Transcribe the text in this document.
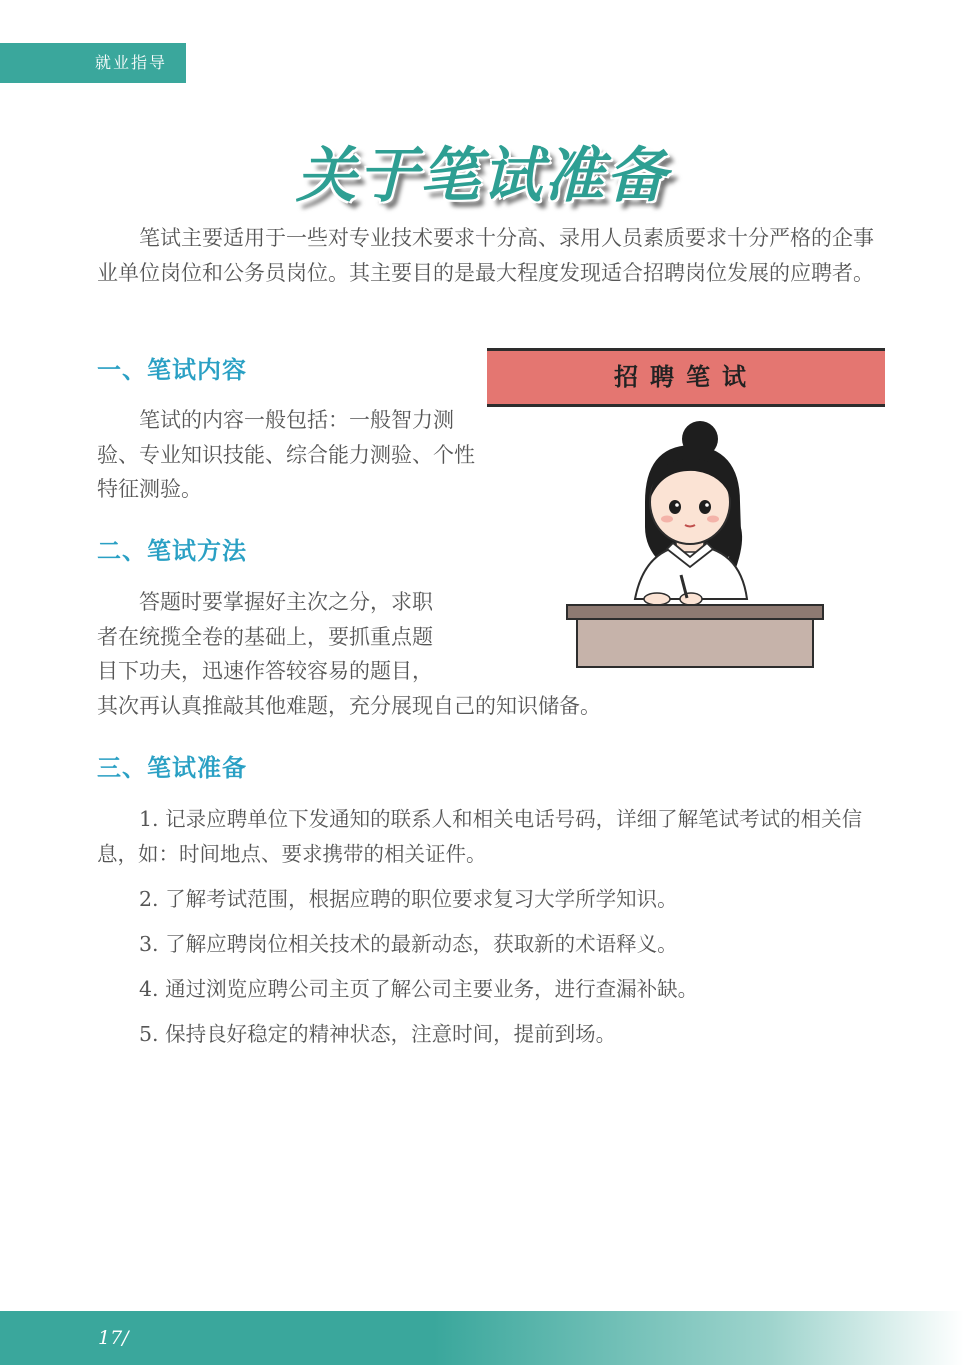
就业指导
关于笔试准备

笔试主要适用于一些对专业技术要求十分高、录用人员素质要求十分严格的企事业单位岗位和公务员岗位。其主要目的是最大程度发现适合招聘岗位发展的应聘者。

一、笔试内容

笔试的内容一般包括：一般智力测验、专业知识技能、综合能力测验、个性特征测验。

二、笔试方法
答题时要掌握好主次之分，求职
者在统揽全卷的基础上，要抓重点题
目下功夫，迅速作答较容易的题目，
其次再认真推敲其他难题，充分展现自己的知识储备。
三、笔试准备

1. 记录应聘单位下发通知的联系人和相关电话号码，详细了解笔试考试的相关信息，如：时间地点、要求携带的相关证件。

2. 了解考试范围，根据应聘的职位要求复习大学所学知识。

3. 了解应聘岗位相关技术的最新动态，获取新的术语释义。

4. 通过浏览应聘公司主页了解公司主要业务，进行查漏补缺。

5. 保持良好稳定的精神状态，注意时间，提前到场。

招聘笔试
17/
